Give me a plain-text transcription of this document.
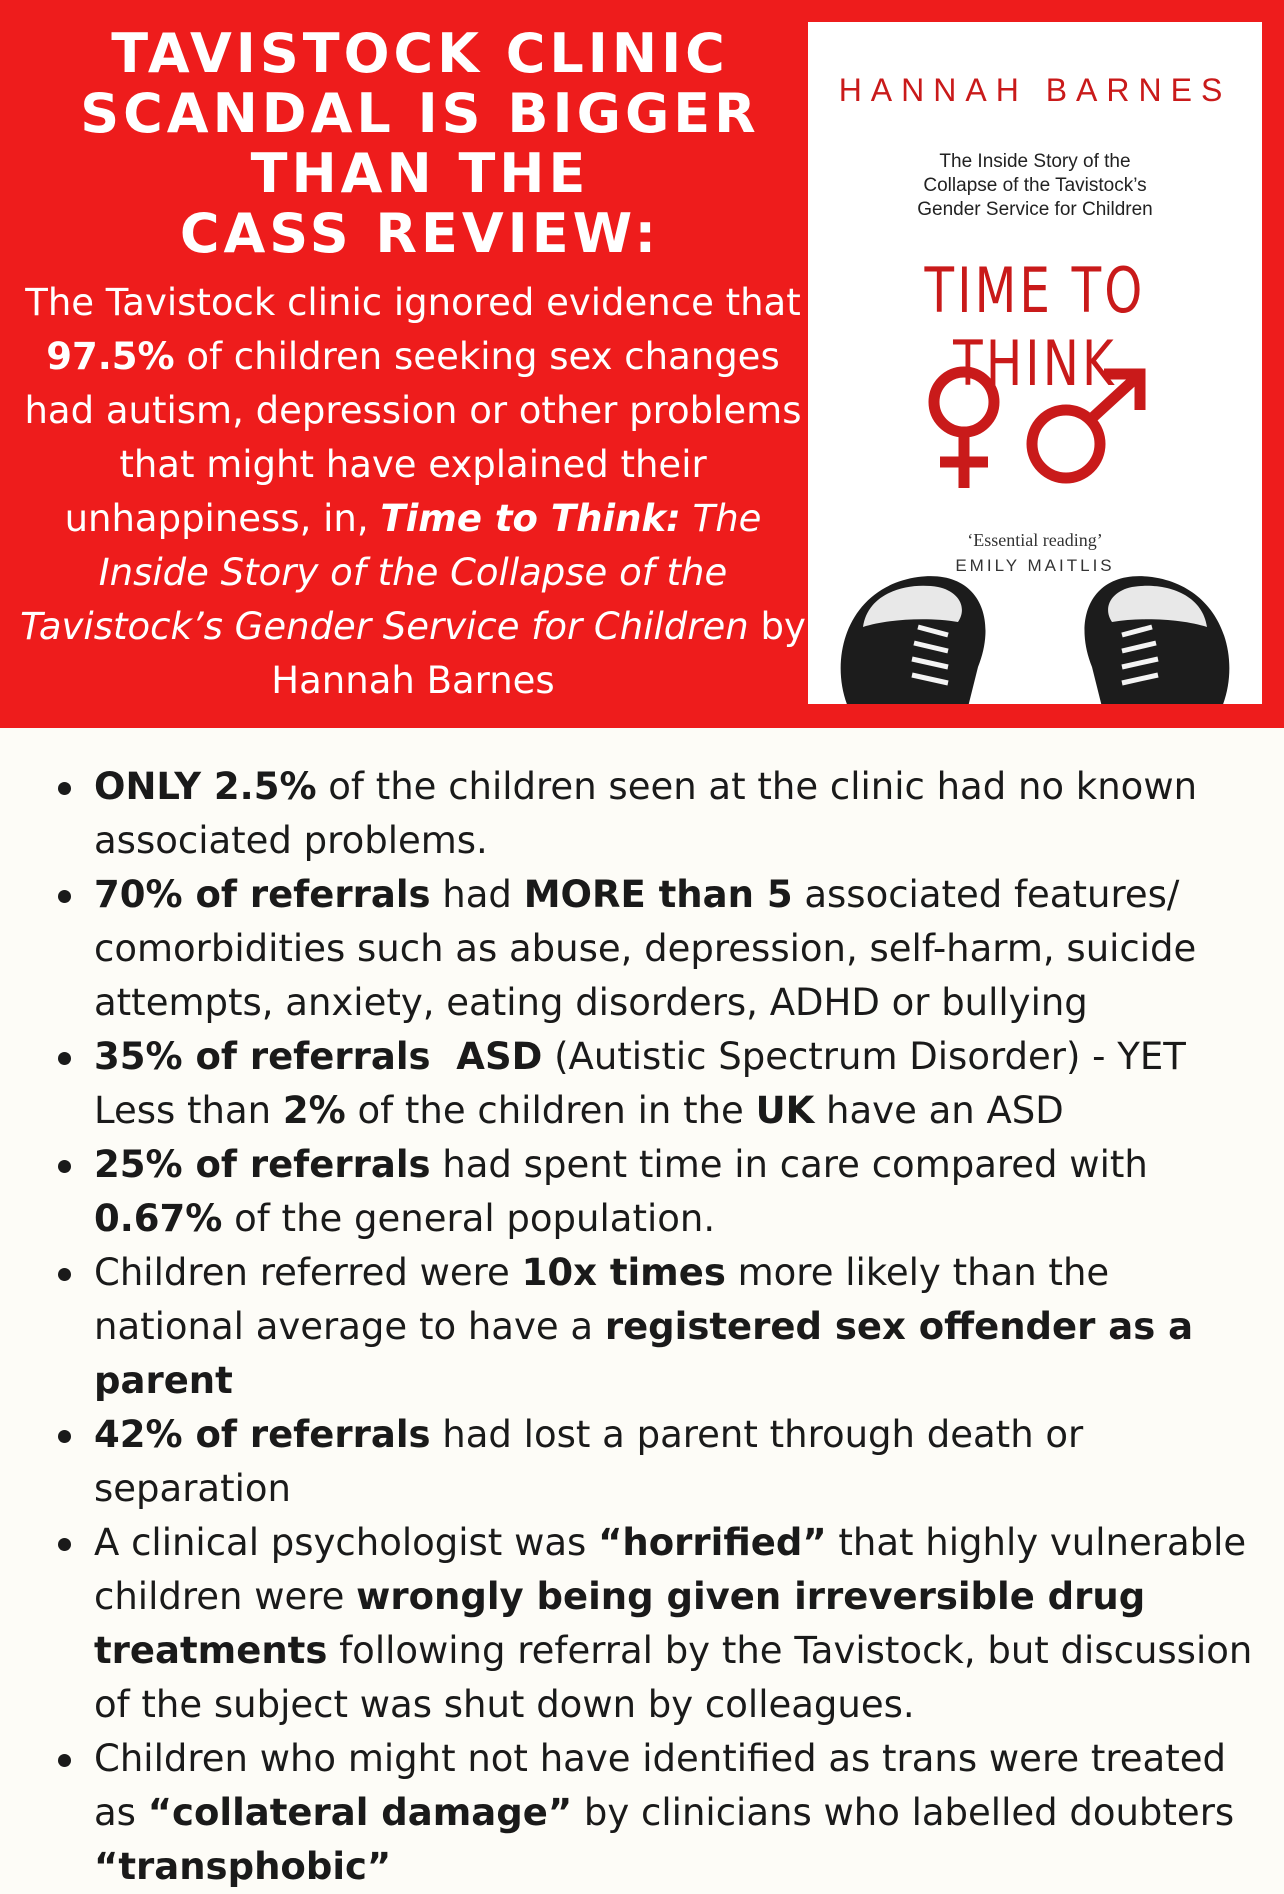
TAVISTOCK CLINIC
SCANDAL IS BIGGER
THAN THE
CASS REVIEW:

The Tavistock clinic ignored evidence that 97.5% of children seeking sex changes had autism, depression or other problems that might have explained their unhappiness, in, Time to Think: The Inside Story of the Collapse of the Tavistock’s Gender Service for Children by Hannah Barnes

HANNAH BARNES
The Inside Story of the
Collapse of the Tavistock’s
Gender Service for Children
TIME TO THINK
‘Essential reading’
EMILY MAITLIS
ONLY 2.5% of the children seen at the clinic had no known associated problems.
70% of referrals had MORE than 5 associated features/ comorbidities such as abuse, depression, self-harm, suicide attempts, anxiety, eating disorders, ADHD or bullying
35% of referrals  ASD (Autistic Spectrum Disorder) - YET Less than 2% of the children in the UK have an ASD
25% of referrals had spent time in care compared with 0.67% of the general population.
Children referred were 10x times more likely than the national average to have a registered sex offender as a parent
42% of referrals had lost a parent through death or separation
A clinical psychologist was “horrified” that highly vulnerable children were wrongly being given irreversible drug treatments following referral by the Tavistock, but discussion of the subject was shut down by colleagues.
Children who might not have identified as trans were treated as “collateral damage” by clinicians who labelled doubters “transphobic”
